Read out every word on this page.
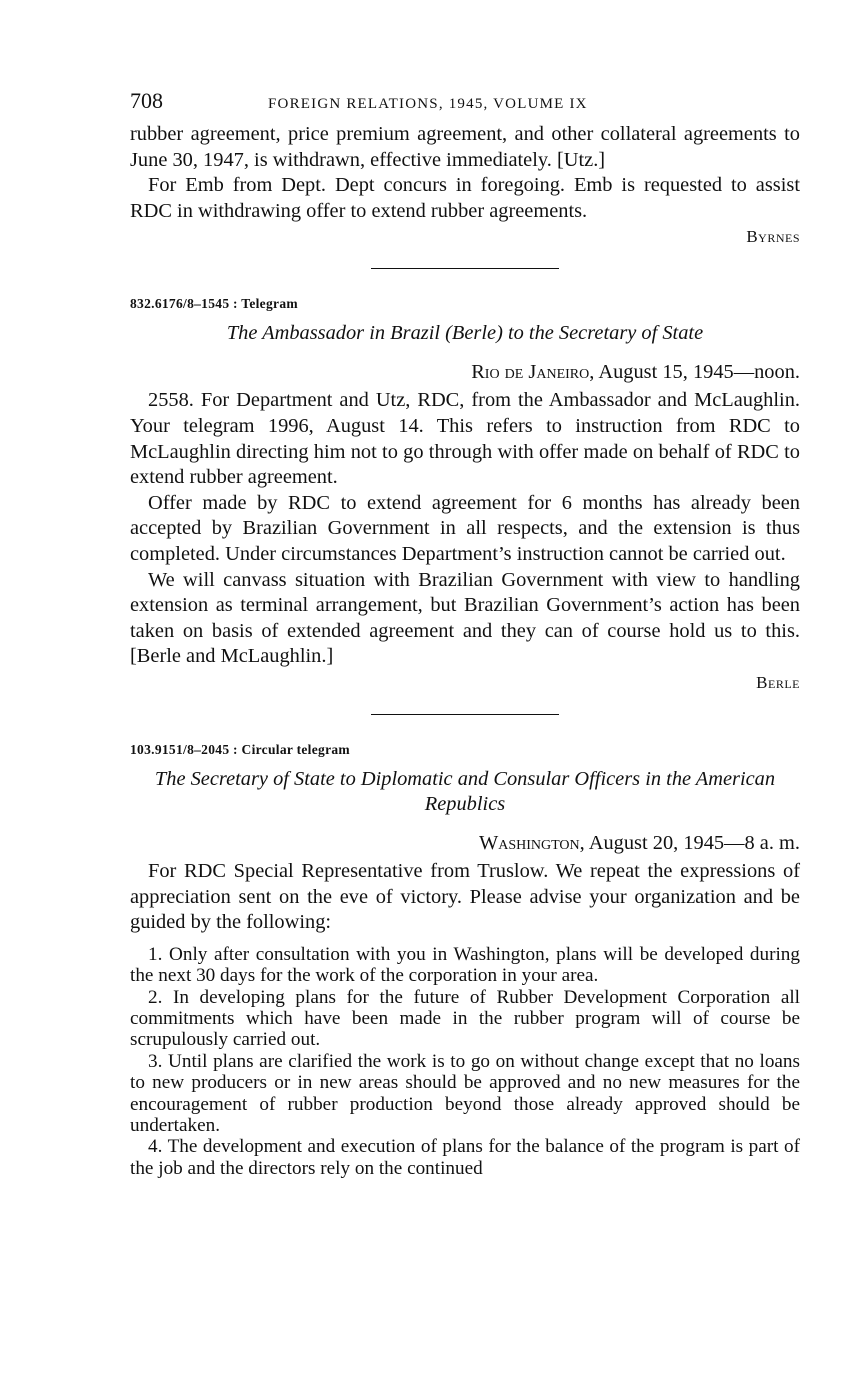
708	FOREIGN RELATIONS, 1945, VOLUME IX

rubber agreement, price premium agreement, and other collateral agreements to June 30, 1947, is withdrawn, effective immediately. [Utz.]

For Emb from Dept. Dept concurs in foregoing. Emb is requested to assist RDC in withdrawing offer to extend rubber agreements.

Byrnes
832.6176/8–1545 : Telegram
The Ambassador in Brazil (Berle) to the Secretary of State
Rio de Janeiro, August 15, 1945—noon.

2558. For Department and Utz, RDC, from the Ambassador and McLaughlin. Your telegram 1996, August 14. This refers to instruction from RDC to McLaughlin directing him not to go through with offer made on behalf of RDC to extend rubber agreement.

Offer made by RDC to extend agreement for 6 months has already been accepted by Brazilian Government in all respects, and the extension is thus completed. Under circumstances Department’s instruction cannot be carried out.

We will canvass situation with Brazilian Government with view to handling extension as terminal arrangement, but Brazilian Government’s action has been taken on basis of extended agreement and they can of course hold us to this. [Berle and McLaughlin.]

Berle
103.9151/8–2045 : Circular telegram
The Secretary of State to Diplomatic and Consular Officers in the American Republics
Washington, August 20, 1945—8 a. m.

For RDC Special Representative from Truslow. We repeat the expressions of appreciation sent on the eve of victory. Please advise your organization and be guided by the following:

1. Only after consultation with you in Washington, plans will be developed during the next 30 days for the work of the corporation in your area.
2. In developing plans for the future of Rubber Development Corporation all commitments which have been made in the rubber program will of course be scrupulously carried out.
3. Until plans are clarified the work is to go on without change except that no loans to new producers or in new areas should be approved and no new measures for the encouragement of rubber production beyond those already approved should be undertaken.
4. The development and execution of plans for the balance of the program is part of the job and the directors rely on the continued
